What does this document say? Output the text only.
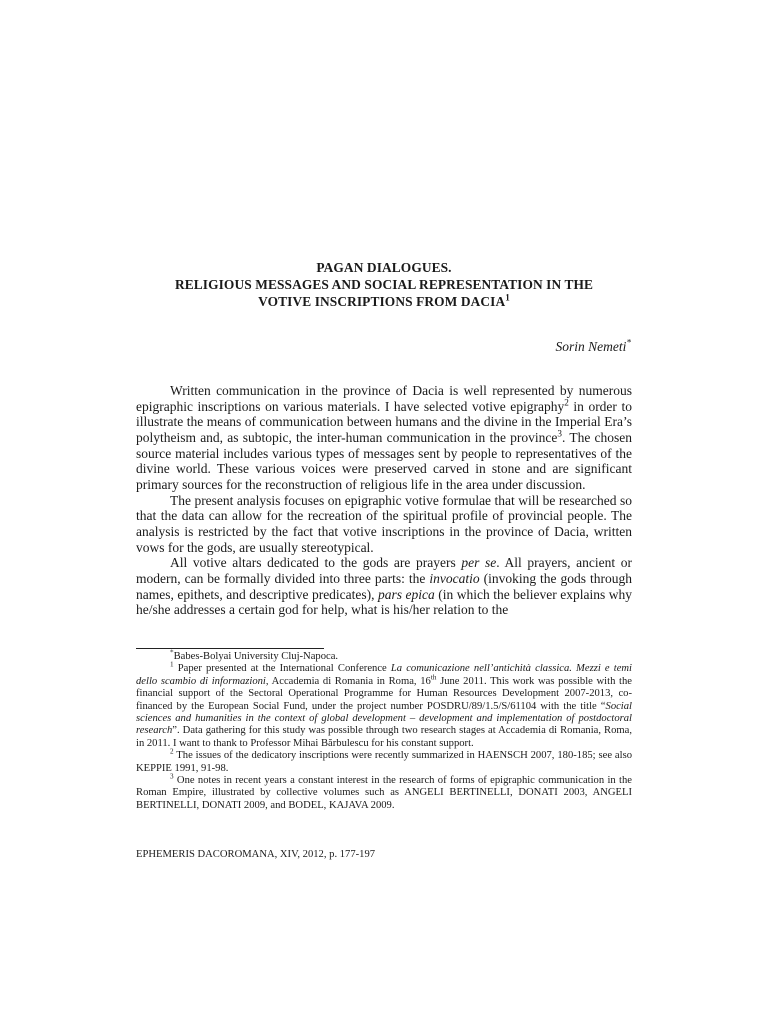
PAGAN DIALOGUES.
RELIGIOUS MESSAGES AND SOCIAL REPRESENTATION IN THE
VOTIVE INSCRIPTIONS FROM DACIA$^1$
Sorin Nemeti*

Written communication in the province of Dacia is well represented by numerous epigraphic inscriptions on various materials. I have selected votive epigraphy$^2$ in order to illustrate the means of communication between humans and the divine in the Imperial Era’s polytheism and, as subtopic, the inter-human communication in the province$^3$. The chosen source material includes various types of messages sent by people to representatives of the divine world. These various voices were preserved carved in stone and are significant primary sources for the reconstruction of religious life in the area under discussion.

The present analysis focuses on epigraphic votive formulae that will be researched so that the data can allow for the recreation of the spiritual profile of provincial people. The analysis is restricted by the fact that votive inscriptions in the province of Dacia, written vows for the gods, are usually stereotypical.

All votive altars dedicated to the gods are prayers per se. All prayers, ancient or modern, can be formally divided into three parts: the invocatio (invoking the gods through names, epithets, and descriptive predicates), pars epica (in which the believer explains why he/she addresses a certain god for help, what is his/her relation to the

*Babes-Bolyai University Cluj-Napoca.

$^1$ Paper presented at the International Conference La comunicazione nell’antichità classica. Mezzi e temi dello scambio di informazioni, Accademia di Romania in Roma, 16th June 2011. This work was possible with the financial support of the Sectoral Operational Programme for Human Resources Development 2007-2013, co-financed by the European Social Fund, under the project number POSDRU/89/1.5/S/61104 with the title “Social sciences and humanities in the context of global development – development and implementation of postdoctoral research”. Data gathering for this study was possible through two research stages at Accademia di Romania, Roma, in 2011. I want to thank to Professor Mihai Bărbulescu for his constant support.

$^2$ The issues of the dedicatory inscriptions were recently summarized in HAENSCH 2007, 180-185; see also KEPPIE 1991, 91-98.

$^3$ One notes in recent years a constant interest in the research of forms of epigraphic communication in the Roman Empire, illustrated by collective volumes such as ANGELI BERTINELLI, DONATI 2003, ANGELI BERTINELLI, DONATI 2009, and BODEL, KAJAVA 2009.

EPHEMERIS DACOROMANA, XIV, 2012, p. 177-197
